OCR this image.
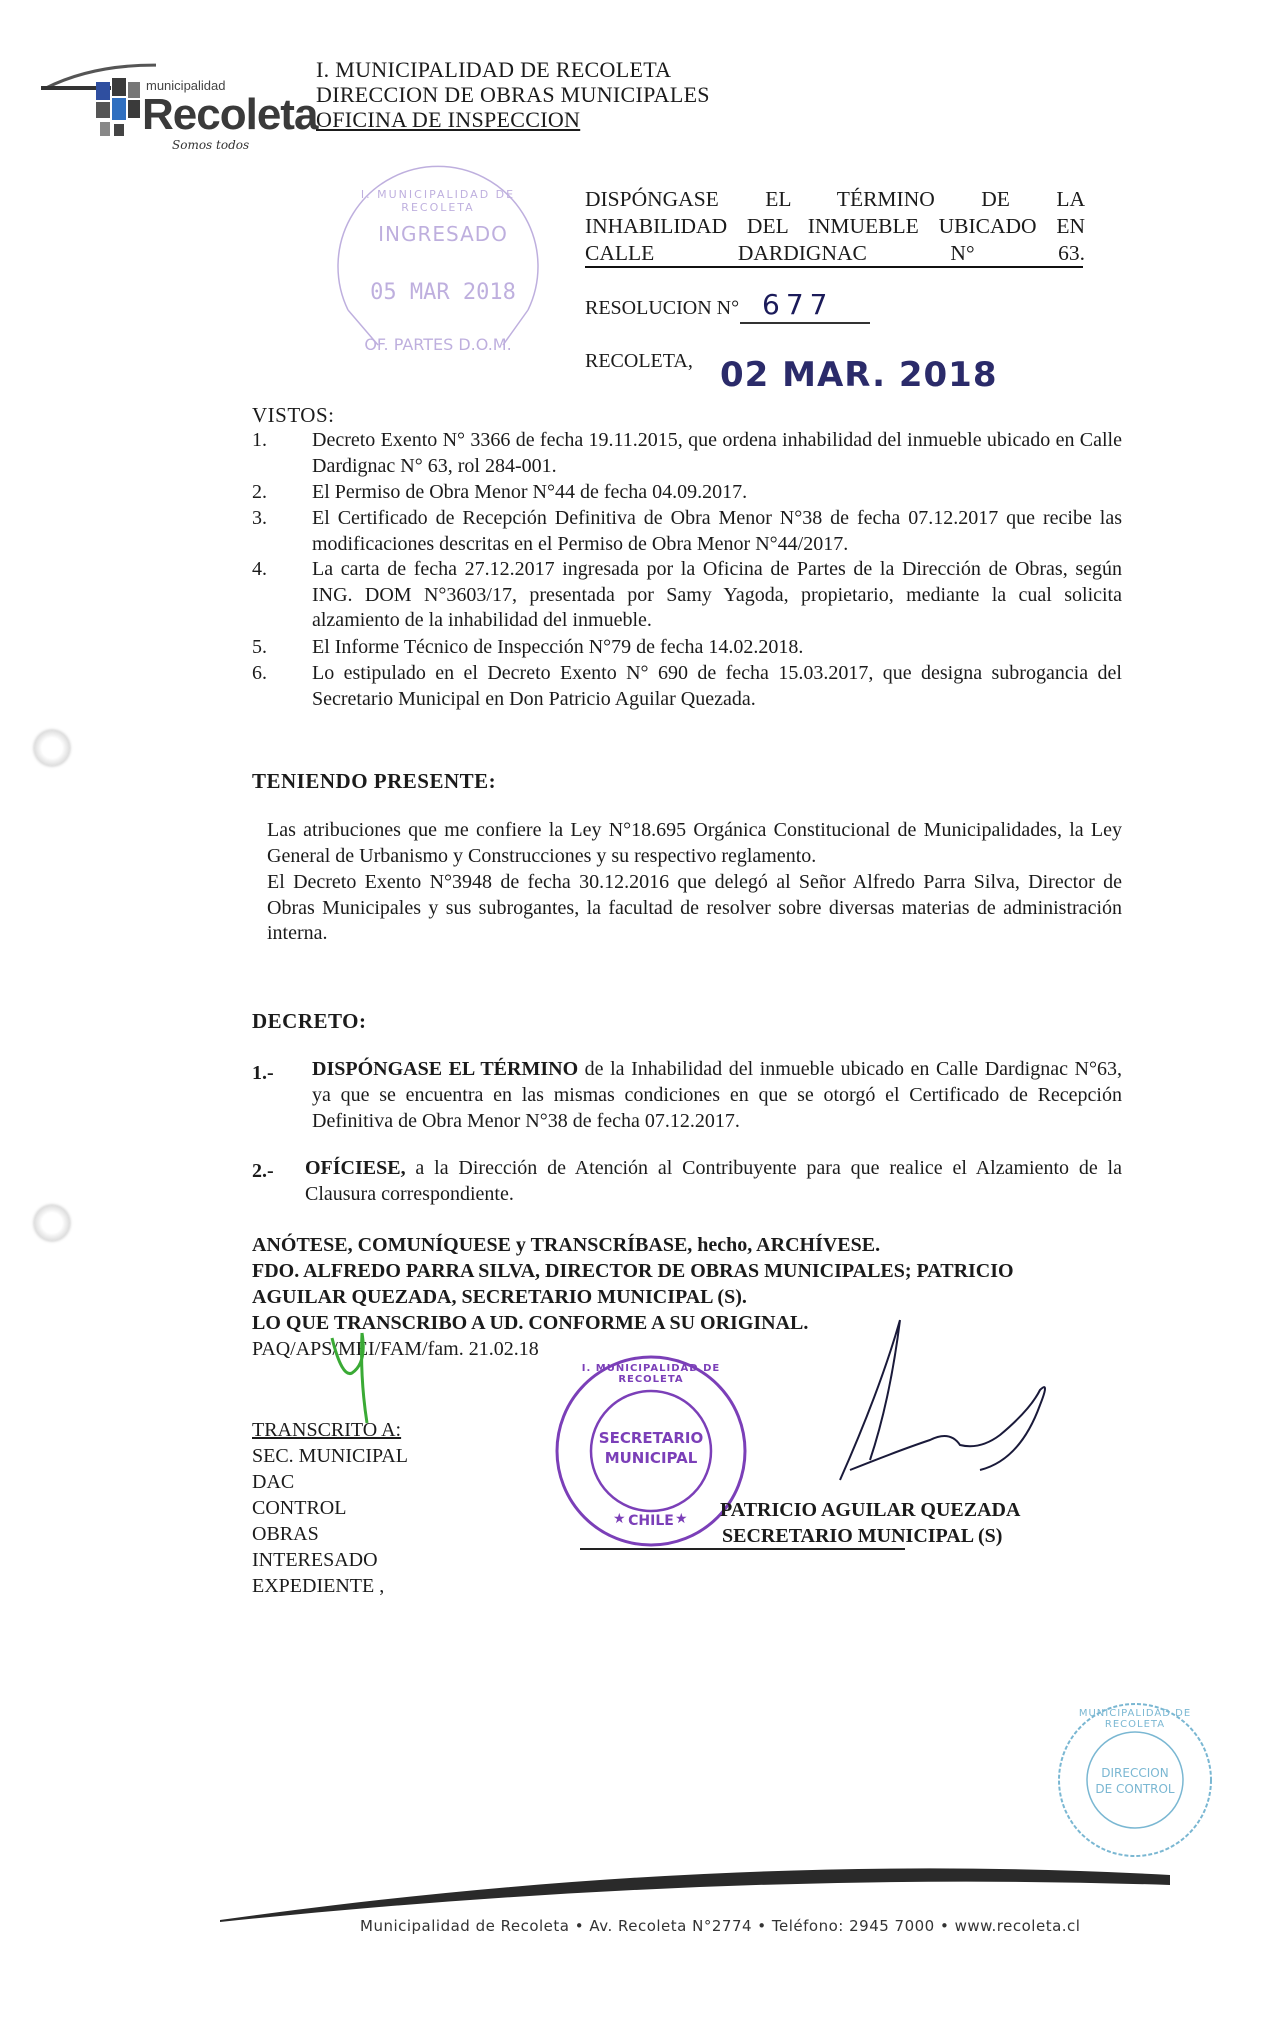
municipalidad
Recoleta
Somos todos
I. MUNICIPALIDAD DE RECOLETA
DIRECCION DE OBRAS MUNICIPALES
OFICINA DE INSPECCION
I. MUNICIPALIDAD DE RECOLETA
INGRESADO
05 MAR 2018
OF. PARTES D.O.M.
DISPÓNGASE EL TÉRMINO DE LA
INHABILIDAD DEL INMUEBLE UBICADO EN
CALLE DARDIGNAC N° 63.
RESOLUCION N° 677
RECOLETA, 02 MAR. 2018
VISTOS:
1.	Decreto Exento N° 3366 de fecha 19.11.2015, que ordena inhabilidad del inmueble ubicado en Calle Dardignac N° 63, rol 284-001.
2.	El Permiso de Obra Menor N°44 de fecha 04.09.2017.
3.	El Certificado de Recepción Definitiva de Obra Menor N°38 de fecha 07.12.2017 que recibe las modificaciones descritas en el Permiso de Obra Menor N°44/2017.
4.	La carta de fecha 27.12.2017 ingresada por la Oficina de Partes de la Dirección de Obras, según ING. DOM N°3603/17, presentada por Samy Yagoda, propietario, mediante la cual solicita alzamiento de la inhabilidad del inmueble.
5.	El Informe Técnico de Inspección N°79 de fecha 14.02.2018.
6.	Lo estipulado en el Decreto Exento N° 690 de fecha 15.03.2017, que designa subrogancia del Secretario Municipal en Don Patricio Aguilar Quezada.
TENIENDO PRESENTE:
Las atribuciones que me confiere la Ley N°18.695 Orgánica Constitucional de Municipalidades, la Ley General de Urbanismo y Construcciones y su respectivo reglamento.
El Decreto Exento N°3948 de fecha 30.12.2016 que delegó al Señor Alfredo Parra Silva, Director de Obras Municipales y sus subrogantes, la facultad de resolver sobre diversas materias de administración interna.
DECRETO:
1.- DISPÓNGASE EL TÉRMINO de la Inhabilidad del inmueble ubicado en Calle Dardignac N°63, ya que se encuentra en las mismas condiciones en que se otorgó el Certificado de Recepción Definitiva de Obra Menor N°38 de fecha 07.12.2017.
2.- OFÍCIESE, a la Dirección de Atención al Contribuyente para que realice el Alzamiento de la Clausura correspondiente.
ANÓTESE, COMUNÍQUESE y TRANSCRÍBASE, hecho, ARCHÍVESE.
FDO. ALFREDO PARRA SILVA, DIRECTOR DE OBRAS MUNICIPALES; PATRICIO
AGUILAR QUEZADA, SECRETARIO MUNICIPAL (S).
LO QUE TRANSCRIBO A UD. CONFORME A SU ORIGINAL.
PAQ/APS/MEI/FAM/fam. 21.02.18
TRANSCRITO A:
SEC. MUNICIPAL
DAC
CONTROL
OBRAS
INTERESADO
EXPEDIENTE ,
★	★
I. MUNICIPALIDAD DE RECOLETA
SECRETARIO
MUNICIPAL
CHILE PATRICIO AGUILAR QUEZADA
SECRETARIO MUNICIPAL (S)
MUNICIPALIDAD DE RECOLETA
DIRECCION
DE CONTROL
Municipalidad de Recoleta • Av. Recoleta N°2774 • Teléfono: 2945 7000 • www.recoleta.cl
